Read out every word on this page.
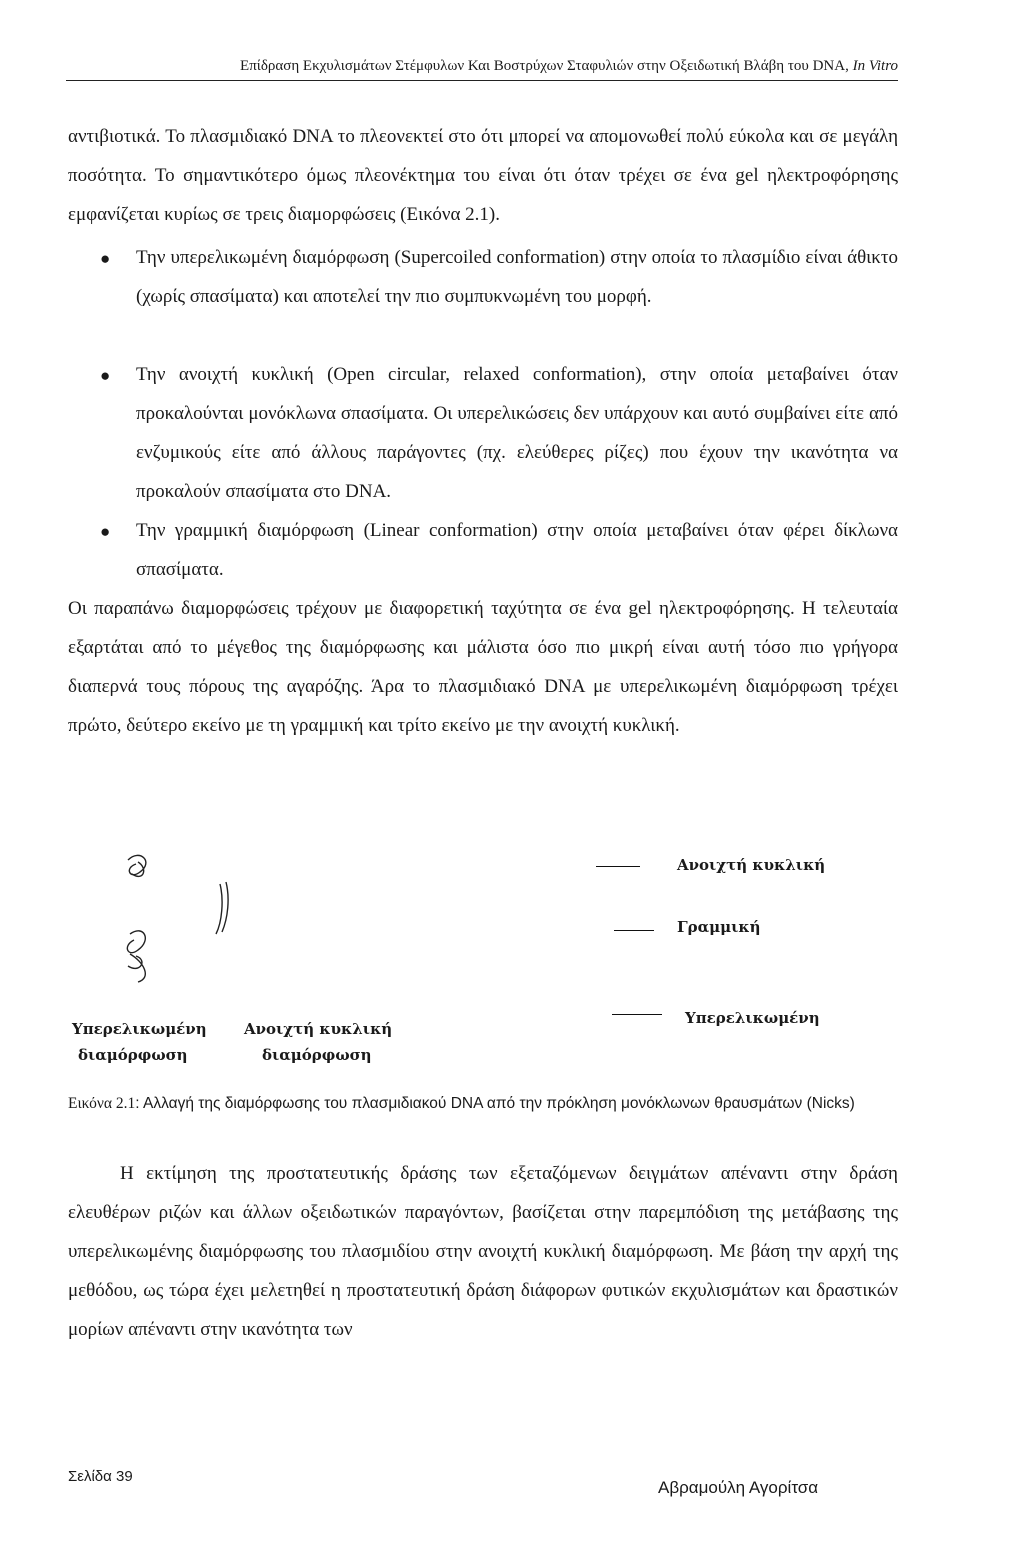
Επίδραση Εκχυλισμάτων Στέμφυλων Και Βοστρύχων Σταφυλιών στην Οξειδωτική Βλάβη του DNA, In Vitro

αντιβιοτικά. Το πλασμιδιακό DNA το πλεονεκτεί στο ότι μπορεί να απομονωθεί πολύ εύκολα και σε μεγάλη ποσότητα. Το σημαντικότερο όμως πλεονέκτημα του είναι ότι όταν τρέχει σε ένα gel ηλεκτροφόρησης εμφανίζεται κυρίως σε τρεις διαμορφώσεις (Εικόνα 2.1).

● Την υπερελικωμένη διαμόρφωση (Supercoiled conformation) στην οποία το πλασμίδιο είναι άθικτο (χωρίς σπασίματα) και αποτελεί την πιο συμπυκνωμένη του μορφή.

● Την ανοιχτή κυκλική (Open circular, relaxed conformation), στην οποία μεταβαίνει όταν προκαλούνται μονόκλωνα σπασίματα. Οι υπερελικώσεις δεν υπάρχουν και αυτό συμβαίνει είτε από ενζυμικούς είτε από άλλους παράγοντες (πχ. ελεύθερες ρίζες) που έχουν την ικανότητα να προκαλούν σπασίματα στο DNA.

● Την γραμμική διαμόρφωση (Linear conformation) στην οποία μεταβαίνει όταν φέρει δίκλωνα σπασίματα.

Οι παραπάνω διαμορφώσεις τρέχουν με διαφορετική ταχύτητα σε ένα gel ηλεκτροφόρησης. Η τελευταία εξαρτάται από το μέγεθος της διαμόρφωσης και μάλιστα όσο πιο μικρή είναι αυτή τόσο πιο γρήγορα διαπερνά τους πόρους της αγαρόζης. Άρα το πλασμιδιακό DNA με υπερελικωμένη διαμόρφωση τρέχει πρώτο, δεύτερο εκείνο με τη γραμμική και τρίτο εκείνο με την ανοιχτή κυκλική.

Υπερελικωμένη
διαμόρφωση
Ανοιχτή κυκλική
διαμόρφωση
Ανοιχτή κυκλική
Γραμμική
Υπερελικωμένη
Εικόνα 2.1: Αλλαγή της διαμόρφωσης του πλασμιδιακού DNA από την πρόκληση μονόκλωνων θραυσμάτων (Nicks)

Η εκτίμηση της προστατευτικής δράσης των εξεταζόμενων δειγμάτων απέναντι στην δράση ελευθέρων ριζών και άλλων οξειδωτικών παραγόντων, βασίζεται στην παρεμπόδιση της μετάβασης της υπερελικωμένης διαμόρφωσης του πλασμιδίου στην ανοιχτή κυκλική διαμόρφωση. Με βάση την αρχή της μεθόδου, ως τώρα έχει μελετηθεί η προστατευτική δράση διάφορων φυτικών εκχυλισμάτων και δραστικών μορίων απέναντι στην ικανότητα των

Σελίδα 39
Αβραμούλη Αγορίτσα
